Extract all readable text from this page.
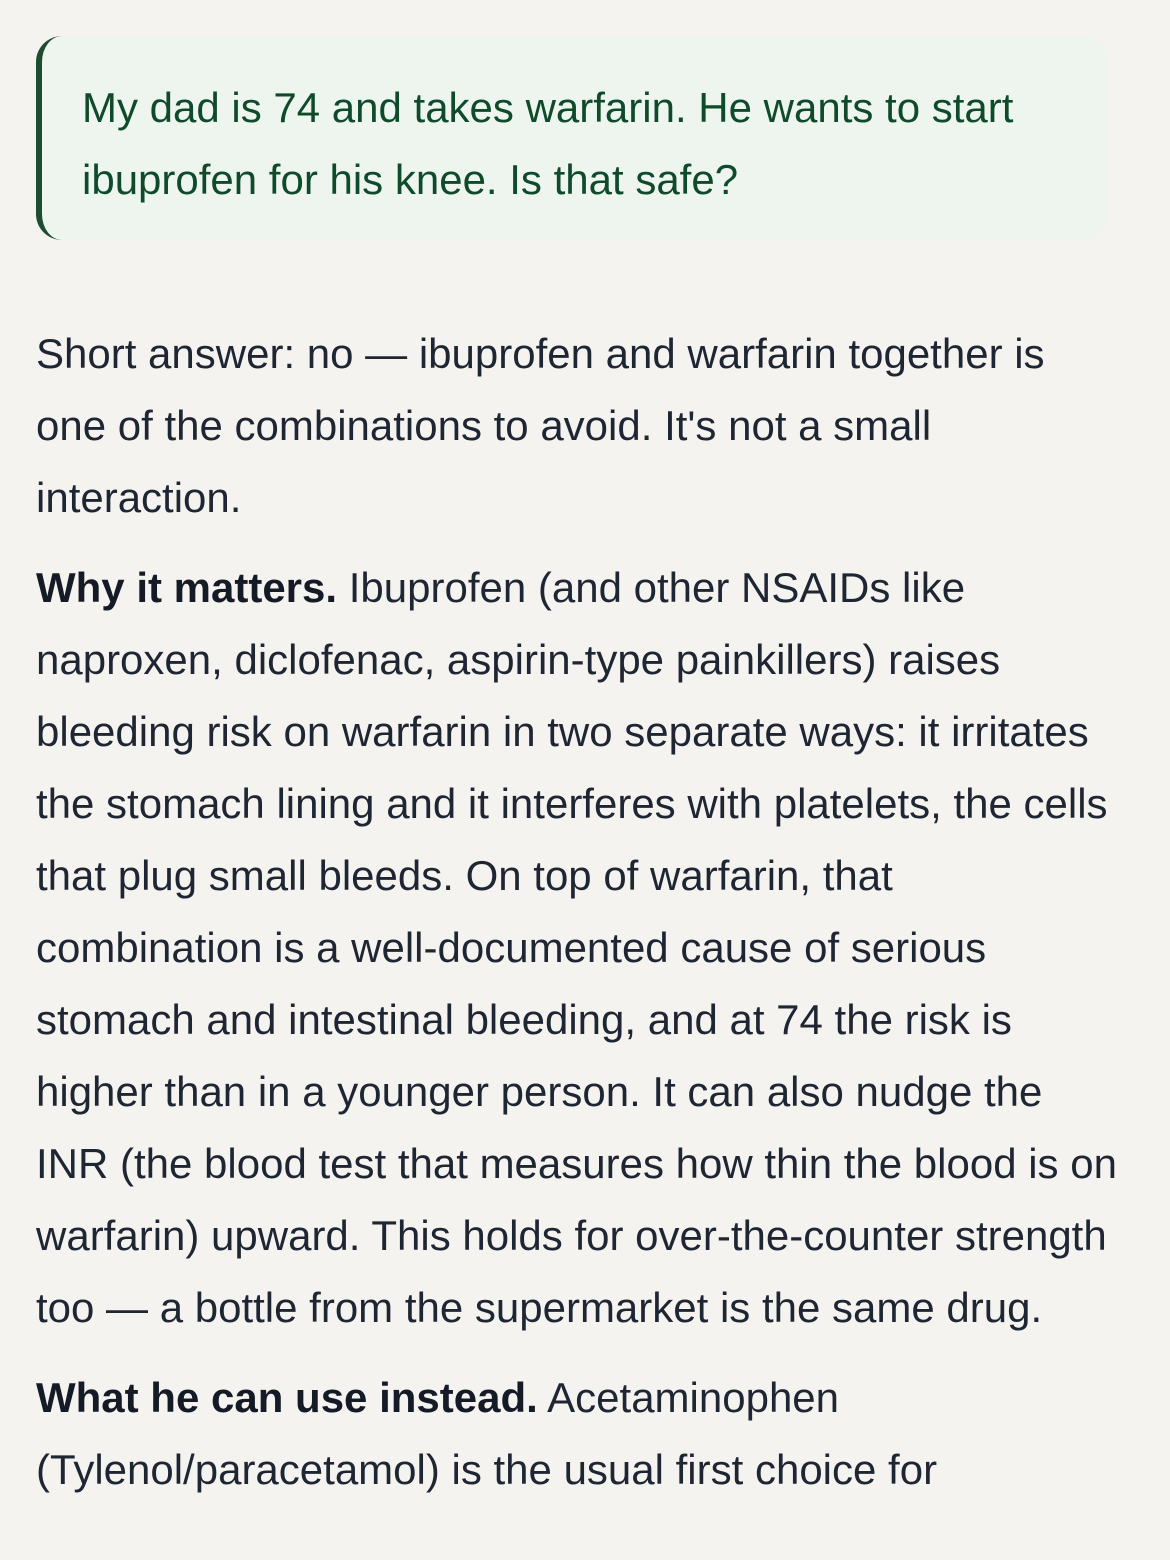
My dad is 74 and takes warfarin. He wants to start ibuprofen for his knee. Is that safe?

Short answer: no — ibuprofen and warfarin together is one of the combinations to avoid. It's not a small interaction.

Why it matters. Ibuprofen (and other NSAIDs like naproxen, diclofenac, aspirin-type painkillers) raises bleeding risk on warfarin in two separate ways: it irritates the stomach lining and it interferes with platelets, the cells that plug small bleeds. On top of warfarin, that combination is a well-documented cause of serious stomach and intestinal bleeding, and at 74 the risk is higher than in a younger person. It can also nudge the INR (the blood test that measures how thin the blood is on warfarin) upward. This holds for over-the-counter strength too — a bottle from the supermarket is the same drug.

What he can use instead. Acetaminophen (Tylenol/paracetamol) is the usual first choice for
